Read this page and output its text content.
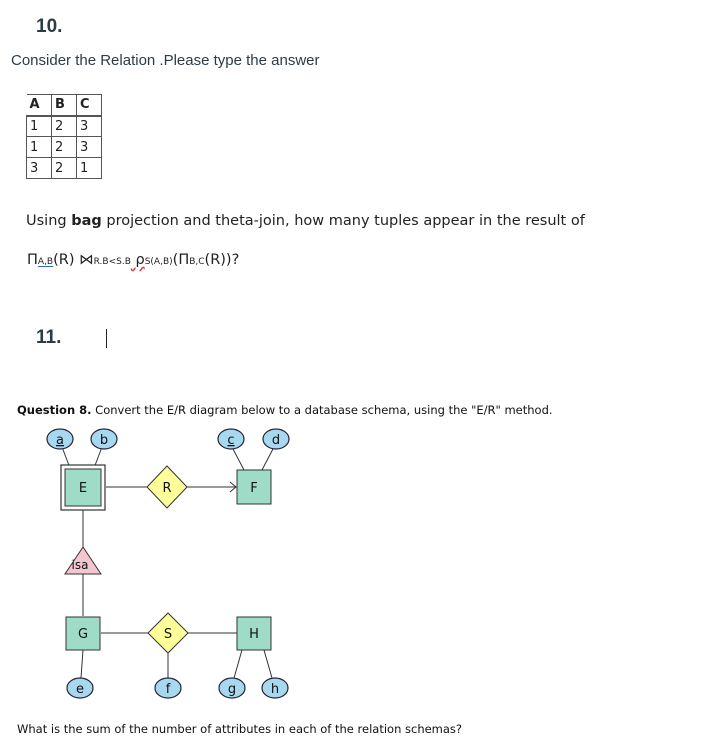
10.
Consider the Relation .Please type the answer
A	B	C
1	2	3
1	2	3
3	2	1
Using bag projection and theta-join, how many tuples appear in the result of
ΠA,B(R) ⋈R.B<S.B ρS(A,B)(ΠB,C(R))?
11.
Question 8. Convert the E/R diagram below to a database schema, using the "E/R" method.
a	b	c	d
e	f	g	h
E	F
G	H
R
S
isa
What is the sum of the number of attributes in each of the relation schemas?
